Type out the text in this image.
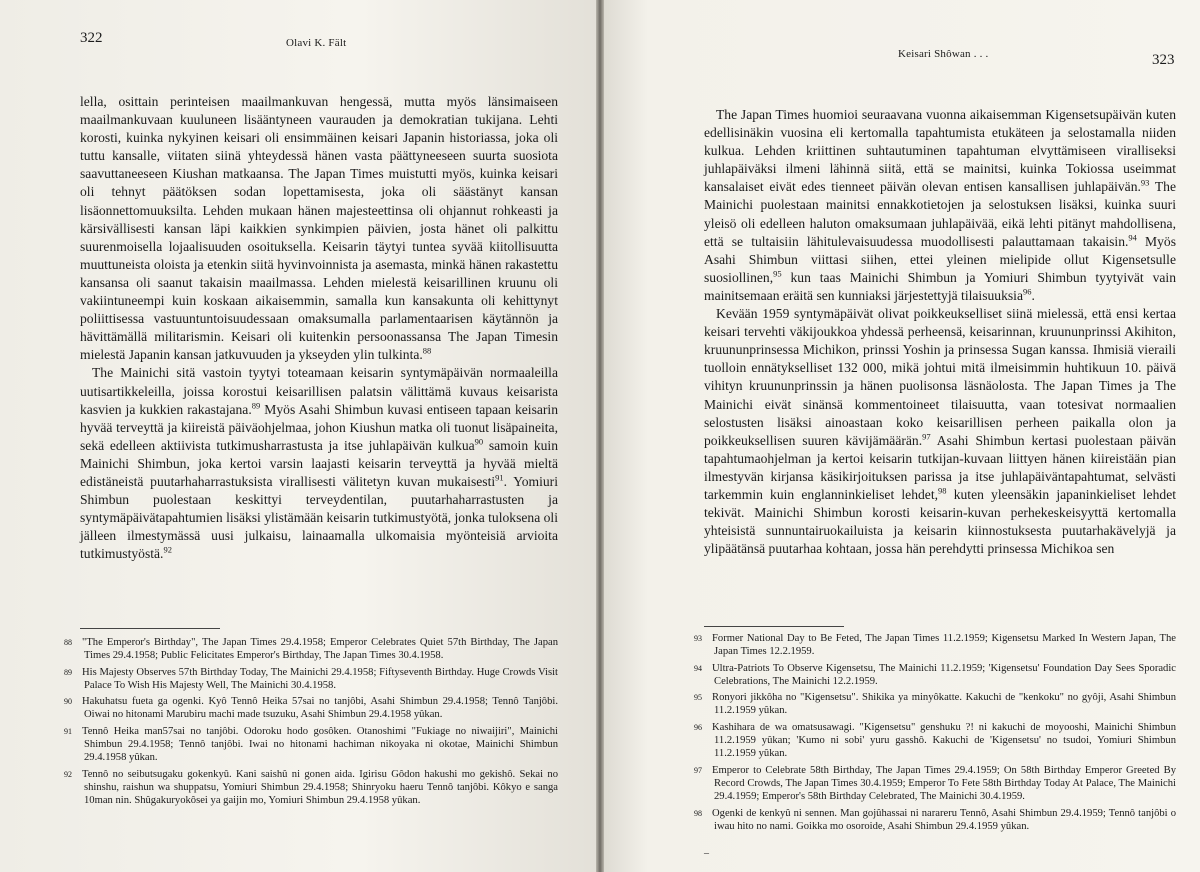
322	Olavi K. Fält

lella, osittain perinteisen maailmankuvan hengessä, mutta myös länsimaiseen maailmankuvaan kuuluneen lisääntyneen vaurauden ja demokratian tukijana. Lehti korosti, kuinka nykyinen keisari oli ensimmäinen keisari Japanin historiassa, joka oli tuttu kansalle, viitaten siinä yhteydessä hänen vasta päättyneeseen suurta suosiota saavuttaneeseen Kiushan matkaansa. The Japan Times muistutti myös, kuinka keisari oli tehnyt päätöksen sodan lopettamisesta, joka oli säästänyt kansan lisäonnettomuuksilta. Lehden mukaan hänen majesteettinsa oli ohjannut rohkeasti ja kärsivällisesti kansan läpi kaikkien synkimpien päivien, josta hänet oli palkittu suurenmoisella lojaalisuuden osoituksella. Keisarin täytyi tuntea syvää kiitollisuutta muuttuneista oloista ja etenkin siitä hyvinvoinnista ja asemasta, minkä hänen rakastettu kansansa oli saanut takaisin maailmassa. Lehden mielestä keisarillinen kruunu oli vakiintuneempi kuin koskaan aikaisemmin, samalla kun kansakunta oli kehittynyt poliittisessa vastuuntuntoisuudessaan omaksumalla parlamentaarisen käytännön ja hävittämällä militarismin. Keisari oli kuitenkin persoonassansa The Japan Timesin mielestä Japanin kansan jatkuvuuden ja ykseyden ylin tulkinta.$^{88}$

The Mainichi sitä vastoin tyytyi toteamaan keisarin syntymäpäivän normaaleilla uutisartikkeleilla, joissa korostui keisarillisen palatsin välittämä kuvaus keisarista kasvien ja kukkien rakastajana.$^{89}$ Myös Asahi Shimbun kuvasi entiseen tapaan keisarin hyvää terveyttä ja kiireistä päiväohjelmaa, johon Kiushun matka oli tuonut lisäpaineita, sekä edelleen aktiivista tutkimusharrastusta ja itse juhlapäivän kulkua$^{90}$ samoin kuin Mainichi Shimbun, joka kertoi varsin laajasti keisarin terveyttä ja hyvää mieltä edistäneistä puutarhaharrastuksista virallisesti välitetyn kuvan mukaisesti$^{91}$. Yomiuri Shimbun puolestaan keskittyi terveydentilan, puutarhaharrastusten ja syntymäpäivätapahtumien lisäksi ylistämään keisarin tutkimustyötä, jonka tuloksena oli jälleen ilmestymässä uusi julkaisu, lainaamalla ulkomaisia myönteisiä arvioita tutkimustyöstä.$^{92}$

88 "The Emperor's Birthday", The Japan Times 29.4.1958; Emperor Celebrates Quiet 57th Birthday, The Japan Times 29.4.1958; Public Felicitates Emperor's Birthday, The Japan Times 30.4.1958.
89 His Majesty Observes 57th Birthday Today, The Mainichi 29.4.1958; Fiftyseventh Birthday. Huge Crowds Visit Palace To Wish His Majesty Well, The Mainichi 30.4.1958.
90 Hakuhatsu fueta ga ogenki. Kyô Tennô Heika 57sai no tanjôbi, Asahi Shimbun 29.4.1958; Tennô Tanjôbi. Oiwai no hitonami Marubiru machi made tsuzuku, Asahi Shimbun 29.4.1958 yûkan.
91 Tennô Heika man57sai no tanjôbi. Odoroku hodo gosôken. Otanoshimi "Fukiage no niwaijiri", Mainichi Shimbun 29.4.1958; Tennô tanjôbi. Iwai no hitonami hachiman nikoyaka ni okotae, Mainichi Shimbun 29.4.1958 yûkan.
92 Tennô no seibutsugaku gokenkyû. Kani saishû ni gonen aida. Igirisu Gôdon hakushi mo gekishô. Sekai no shinshu, raishun wa shuppatsu, Yomiuri Shimbun 29.4.1958; Shinryoku haeru Tennô tanjôbi. Kôkyo e sanga 10man nin. Shûgakuryokôsei ya gaijin mo, Yomiuri Shimbun 29.4.1958 yûkan.
Keisari Shôwan . . .	323

The Japan Times huomioi seuraavana vuonna aikaisemman Kigensetsupäivän kuten edellisinäkin vuosina eli kertomalla tapahtumista etukäteen ja selostamalla niiden kulkua. Lehden kriittinen suhtautuminen tapahtuman elvyttämiseen viralliseksi juhlapäiväksi ilmeni lähinnä siitä, että se mainitsi, kuinka Tokiossa useimmat kansalaiset eivät edes tienneet päivän olevan entisen kansallisen juhlapäivän.$^{93}$ The Mainichi puolestaan mainitsi ennakkotietojen ja selostuksen lisäksi, kuinka suuri yleisö oli edelleen haluton omaksumaan juhlapäivää, eikä lehti pitänyt mahdollisena, että se tultaisiin lähitulevaisuudessa muodollisesti palauttamaan takaisin.$^{94}$ Myös Asahi Shimbun viittasi siihen, ettei yleinen mielipide ollut Kigensetsulle suosiollinen,$^{95}$ kun taas Mainichi Shimbun ja Yomiuri Shimbun tyytyivät vain mainitsemaan eräitä sen kunniaksi järjestettyjä tilaisuuksia$^{96}$.

Kevään 1959 syntymäpäivät olivat poikkeukselliset siinä mielessä, että ensi kertaa keisari tervehti väkijoukkoa yhdessä perheensä, keisarinnan, kruununprinssi Akihiton, kruununprinsessa Michikon, prinssi Yoshin ja prinsessa Sugan kanssa. Ihmisiä vieraili tuolloin ennätykselliset 132 000, mikä johtui mitä ilmeisimmin huhtikuun 10. päivä vihityn kruununprinssin ja hänen puolisonsa läsnäolosta. The Japan Times ja The Mainichi eivät sinänsä kommentoineet tilaisuutta, vaan totesivat normaalien selostusten lisäksi ainoastaan koko keisarillisen perheen paikalla olon ja poikkeuksellisen suuren kävijämäärän.$^{97}$ Asahi Shimbun kertasi puolestaan päivän tapahtumaohjelman ja kertoi keisarin tutkijan-kuvaan liittyen hänen kiireistään pian ilmestyvän kirjansa käsikirjoituksen parissa ja itse juhlapäiväntapahtumat, selvästi tarkemmin kuin englanninkieliset lehdet,$^{98}$ kuten yleensäkin japaninkieliset lehdet tekivät. Mainichi Shimbun korosti keisarin-kuvan perhekeskeisyyttä kertomalla yhteisistä sunnuntairuokailuista ja keisarin kiinnostuksesta puutarhakävelyjä ja ylipäätänsä puutarhaa kohtaan, jossa hän perehdytti prinsessa Michikoa sen

93 Former National Day to Be Feted, The Japan Times 11.2.1959; Kigensetsu Marked In Western Japan, The Japan Times 12.2.1959.
94 Ultra-Patriots To Observe Kigensetsu, The Mainichi 11.2.1959; 'Kigensetsu' Foundation Day Sees Sporadic Celebrations, The Mainichi 12.2.1959.
95 Ronyori jikkôha no "Kigensetsu". Shikika ya minyôkatte. Kakuchi de "kenkoku" no gyôji, Asahi Shimbun 11.2.1959 yûkan.
96 Kashihara de wa omatsusawagi. "Kigensetsu" genshuku ?! ni kakuchi de moyooshi, Mainichi Shimbun 11.2.1959 yûkan; 'Kumo ni sobi' yuru gasshô. Kakuchi de 'Kigensetsu' no tsudoi, Yomiuri Shimbun 11.2.1959 yûkan.
97 Emperor to Celebrate 58th Birthday, The Japan Times 29.4.1959; On 58th Birthday Emperor Greeted By Record Crowds, The Japan Times 30.4.1959; Emperor To Fete 58th Birthday Today At Palace, The Mainichi 29.4.1959; Emperor's 58th Birthday Celebrated, The Mainichi 30.4.1959.
98 Ogenki de kenkyû ni sennen. Man gojûhassai ni narareru Tennô, Asahi Shimbun 29.4.1959; Tennô tanjôbi o iwau hito no nami. Goikka mo osoroide, Asahi Shimbun 29.4.1959 yûkan.
–
